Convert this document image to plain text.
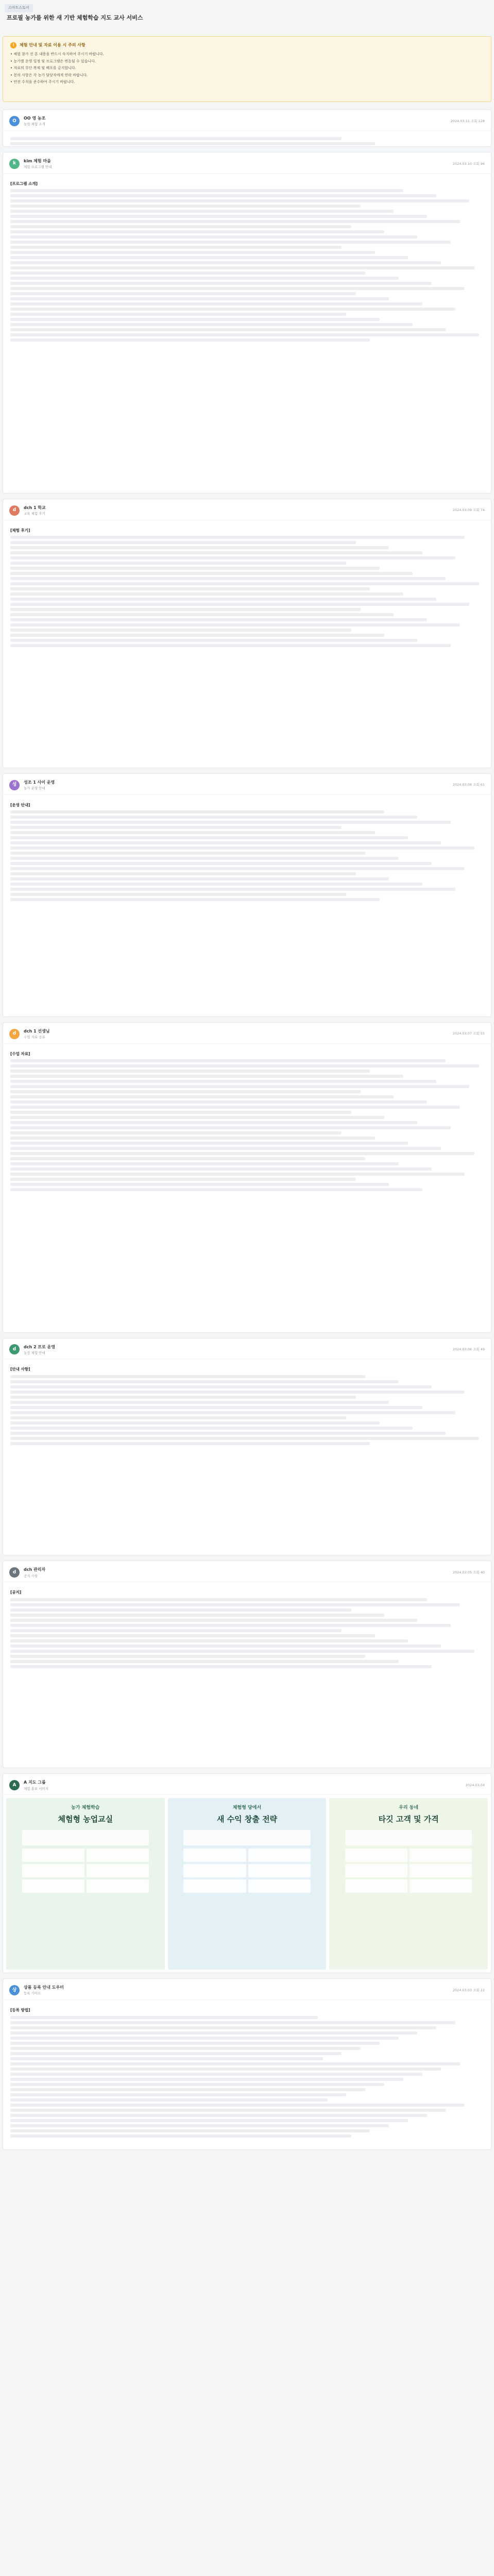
스마트스토어
프로필 농가를 위한 새 기반 체험학습 지도 교사 서비스
!	체험 안내 및 자료 이용 시 주의 사항

• 체험 참가 전 본 내용을 반드시 숙지하여 주시기 바랍니다.

• 농가별 운영 일정 및 프로그램은 변동될 수 있습니다.

• 자료의 무단 복제 및 배포를 금지합니다.

• 문의 사항은 각 농가 담당자에게 연락 바랍니다.

• 안전 수칙을 준수하여 주시기 바랍니다.

O
OO 영 농조
농업 체험 소개
2024.03.11 조회 128
k
kim 체험 마을
체험 프로그램 안내
2024.03.10 조회 96
[프로그램 소개]
d
dch 1 학교
교육 체험 후기
2024.03.09 조회 74
[체험 후기]
성
성조 1 사이 운영
농가 운영 안내
2024.03.08 조회 61
[운영 안내]
d
dch 1 선생님
수업 자료 공유
2024.03.07 조회 55
[수업 자료]
d
dch 2 프로 운영
농장 체험 안내
2024.03.06 조회 49
[안내 사항]
d
dch 관리자
공지 사항
2024.03.05 조회 40
[공지]
A
A 지도 그룹
체험 홍보 이미지
2024.03.04
농가 체험학습
체험형 농업교실
체험형 당에서
새 수익 창출 전략
우리 동네
타깃 고객 및 가격
상
상품 등록 안내 도우미
등록 가이드
2024.03.03 조회 22
[등록 방법]
